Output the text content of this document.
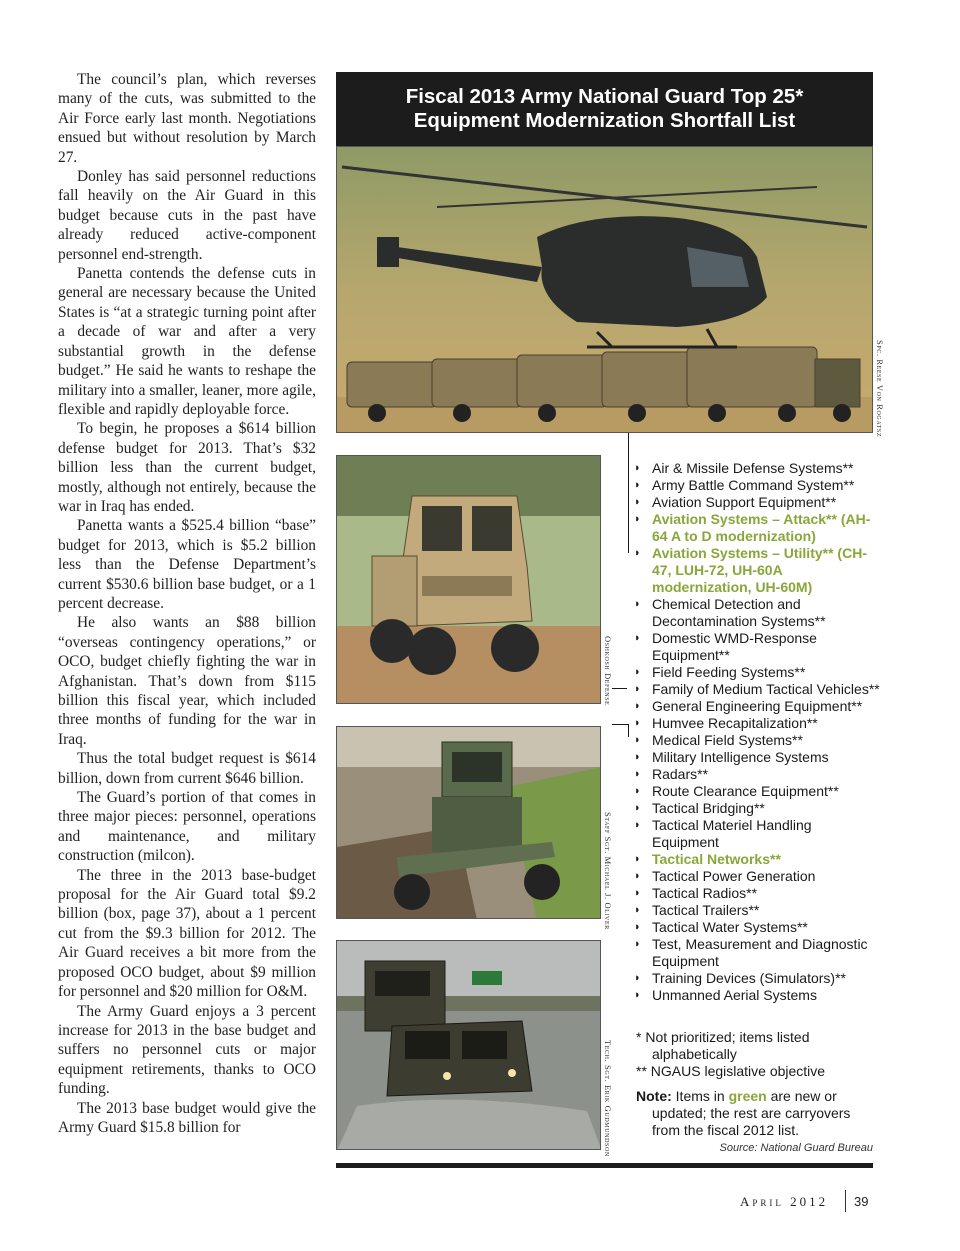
The council’s plan, which reverses many of the cuts, was submitted to the Air Force early last month. Negotiations ensued but without resolution by March 27.

Donley has said personnel reductions fall heavily on the Air Guard in this budget because cuts in the past have already reduced active-component personnel end-strength.

Panetta contends the defense cuts in general are necessary because the United States is “at a strategic turning point after a decade of war and after a very substantial growth in the defense budget.” He said he wants to reshape the military into a smaller, leaner, more agile, flexible and rapidly deployable force.

To begin, he proposes a $614 billion defense budget for 2013. That’s $32 billion less than the current budget, mostly, although not entirely, because the war in Iraq has ended.

Panetta wants a $525.4 billion “base” budget for 2013, which is $5.2 billion less than the Defense Department’s current $530.6 billion base budget, or a 1 percent decrease.

He also wants an $88 billion “overseas contingency operations,” or OCO, budget chiefly fighting the war in Afghanistan. That’s down from $115 billion this fiscal year, which included three months of funding for the war in Iraq.

Thus the total budget request is $614 billion, down from current $646 billion.

The Guard’s portion of that comes in three major pieces: personnel, operations and maintenance, and military construction (milcon).

The three in the 2013 base-budget proposal for the Air Guard total $9.2 billion (box, page 37), about a 1 percent cut from the $9.3 billion for 2012. The Air Guard receives a bit more from the proposed OCO budget, about $9 million for personnel and $20 million for O&M.

The Army Guard enjoys a 3 percent increase for 2013 in the base budget and suffers no personnel cuts or major equipment retirements, thanks to OCO funding.

The 2013 base budget would give the Army Guard $15.8 billion for

Fiscal 2013 Army National Guard Top 25*
Equipment Modernization Shortfall List
Spc. Reese Von Rogatsz
Oshkosh Defense
Staff Sgt. Michael J. Oliver
Tech. Sgt. Erik Gudmundson
◗ Air & Missile Defense Systems**
◗ Army Battle Command System**
◗ Aviation Support Equipment**
◗ Aviation Systems – Attack** (AH-64 A to D modernization)
◗ Aviation Systems – Utility** (CH-47, LUH-72, UH-60A modernization, UH-60M)
◗ Chemical Detection and Decontamination Systems**
◗ Domestic WMD-Response Equipment**
◗ Field Feeding Systems**
◗ Family of Medium Tactical Vehicles**
◗ General Engineering Equipment**
◗ Humvee Recapitalization**
◗ Medical Field Systems**
◗ Military Intelligence Systems
◗ Radars**
◗ Route Clearance Equipment**
◗ Tactical Bridging**
◗ Tactical Materiel Handling Equipment
◗ Tactical Networks**
◗ Tactical Power Generation
◗ Tactical Radios**
◗ Tactical Trailers**
◗ Tactical Water Systems**
◗ Test, Measurement and Diagnostic Equipment
◗ Training Devices (Simulators)**
◗ Unmanned Aerial Systems
* Not prioritized; items listed alphabetically
** NGAUS legislative objective
Note: Items in green are new or updated; the rest are carryovers from the fiscal 2012 list.
Source: National Guard Bureau
April 2012 39
